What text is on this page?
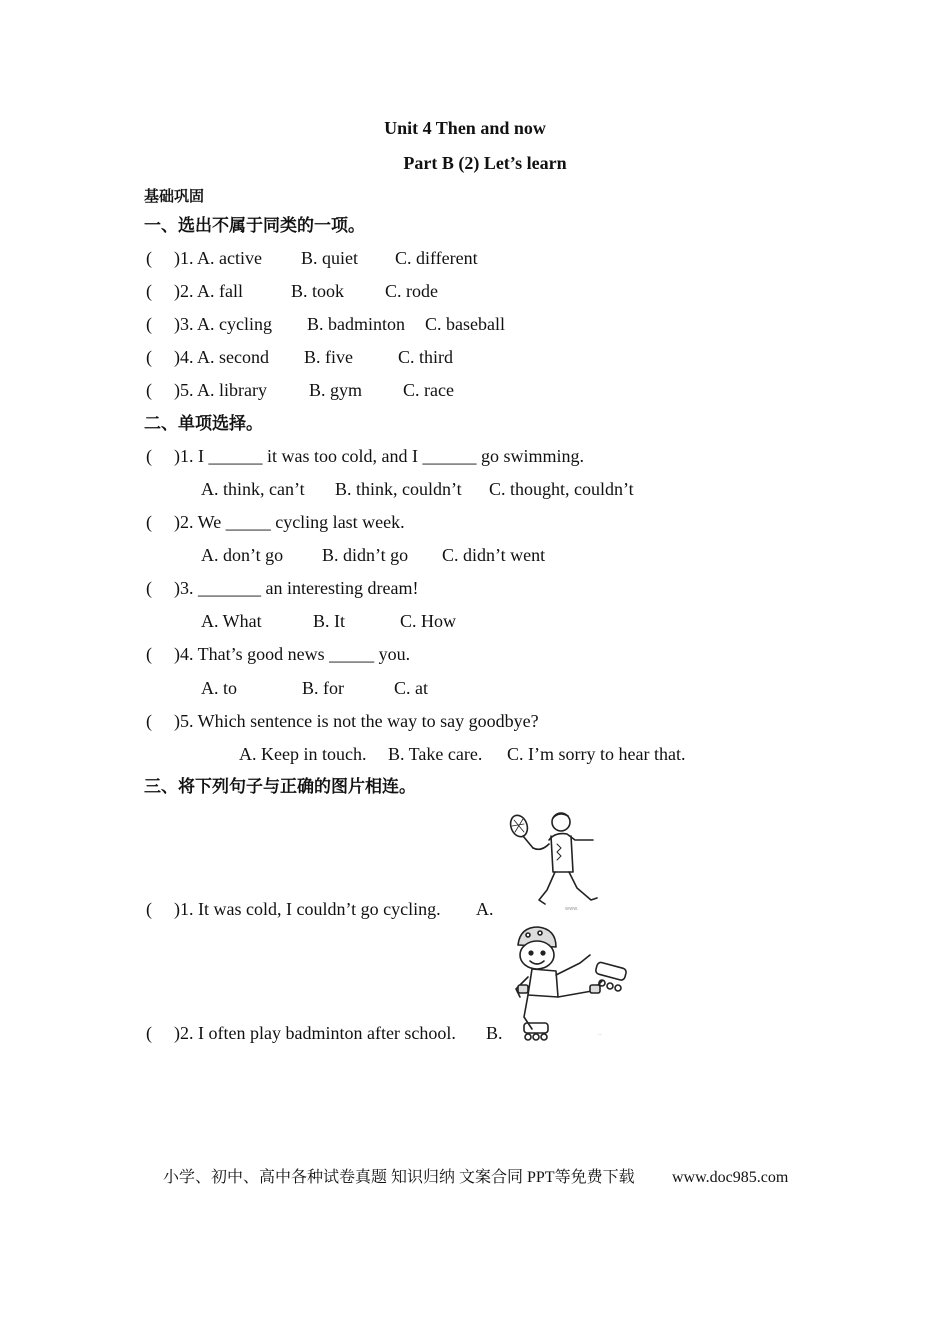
Unit 4 Then and now
Part B (2) Let’s learn
基础巩固
一、选出不属于同类的一项。
( )1. A. active B. quiet C. different
( )2. A. fall	B. took C. rode
( )3. A. cycling B. badminton C. baseball
( )4. A. second B. five	C. third
( )5. A. library B. gym C. race
二、单项选择。
( )1. I ______ it was too cold, and I ______ go swimming.
A. think, can’t B. think, couldn’t C. thought, couldn’t
( )2. We _____ cycling last week.
A. don’t go B. didn’t go C. didn’t went
( )3. _______ an interesting dream!
A. What	B. It	C. How
( )4. That’s good news _____ you.
A. to	B. for	C. at
( )5. Which sentence is not the way to say goodbye?
A. Keep in touch. B. Take care. C. I’m sorry to hear that.
三、将下列句子与正确的图片相连。
( )1. It was cold, I couldn’t go cycling. A.	www.
( )2. I often play badminton after school. B.	..
小学、初中、高中各种试卷真题 知识归纳 文案合同 PPT等免费下载 www.doc985.com
